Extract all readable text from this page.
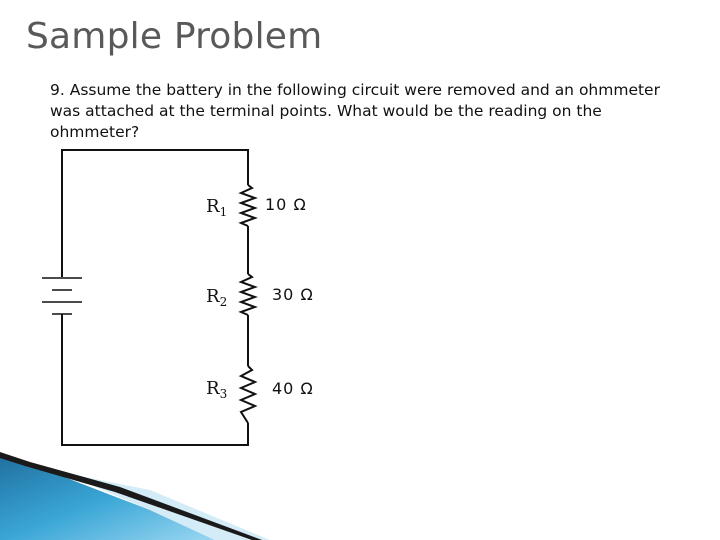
Sample Problem
9. Assume the battery in the following circuit were removed and an ohmmeter was attached at the terminal points. What would be the reading on the ohmmeter?
$R_1$
$R_2$
$R_3$
10 Ω
30 Ω
40 Ω
